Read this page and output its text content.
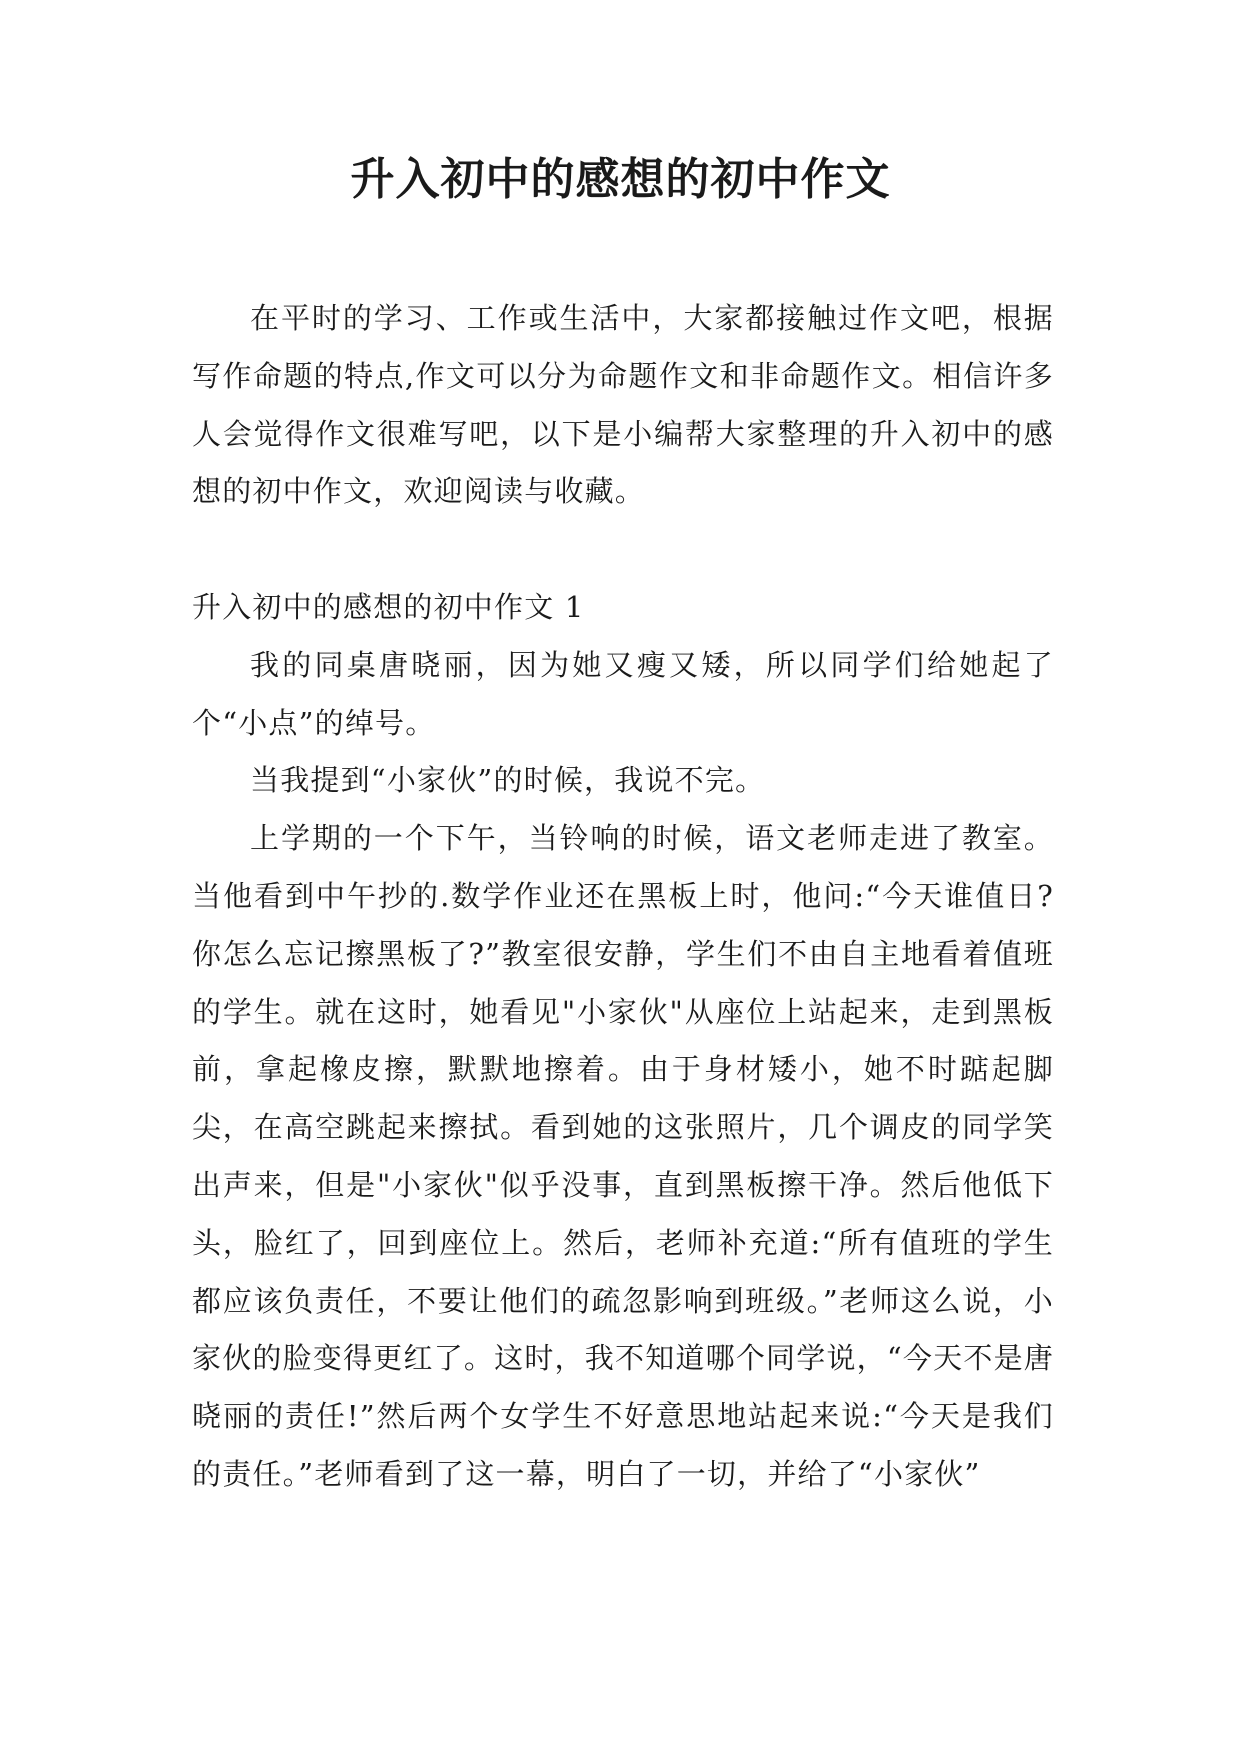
升入初中的感想的初中作文

在平时的学习、工作或生活中，大家都接触过作文吧，根据写作命题的特点,作文可以分为命题作文和非命题作文。相信许多人会觉得作文很难写吧，以下是小编帮大家整理的升入初中的感想的初中作文，欢迎阅读与收藏。

升入初中的感想的初中作文 1

我的同桌唐晓丽，因为她又瘦又矮，所以同学们给她起了个“小点”的绰号。

当我提到“小家伙”的时候，我说不完。

上学期的一个下午，当铃响的时候，语文老师走进了教室。当他看到中午抄的.数学作业还在黑板上时，他问:“今天谁值日?你怎么忘记擦黑板了?”教室很安静，学生们不由自主地看着值班的学生。就在这时，她看见"小家伙"从座位上站起来，走到黑板前，拿起橡皮擦，默默地擦着。由于身材矮小，她不时踮起脚尖，在高空跳起来擦拭。看到她的这张照片，几个调皮的同学笑出声来，但是"小家伙"似乎没事，直到黑板擦干净。然后他低下头，脸红了，回到座位上。然后，老师补充道:“所有值班的学生都应该负责任，不要让他们的疏忽影响到班级。”老师这么说，小家伙的脸变得更红了。这时，我不知道哪个同学说，“今天不是唐晓丽的责任!”然后两个女学生不好意思地站起来说:“今天是我们的责任。”老师看到了这一幕，明白了一切，并给了“小家伙”
